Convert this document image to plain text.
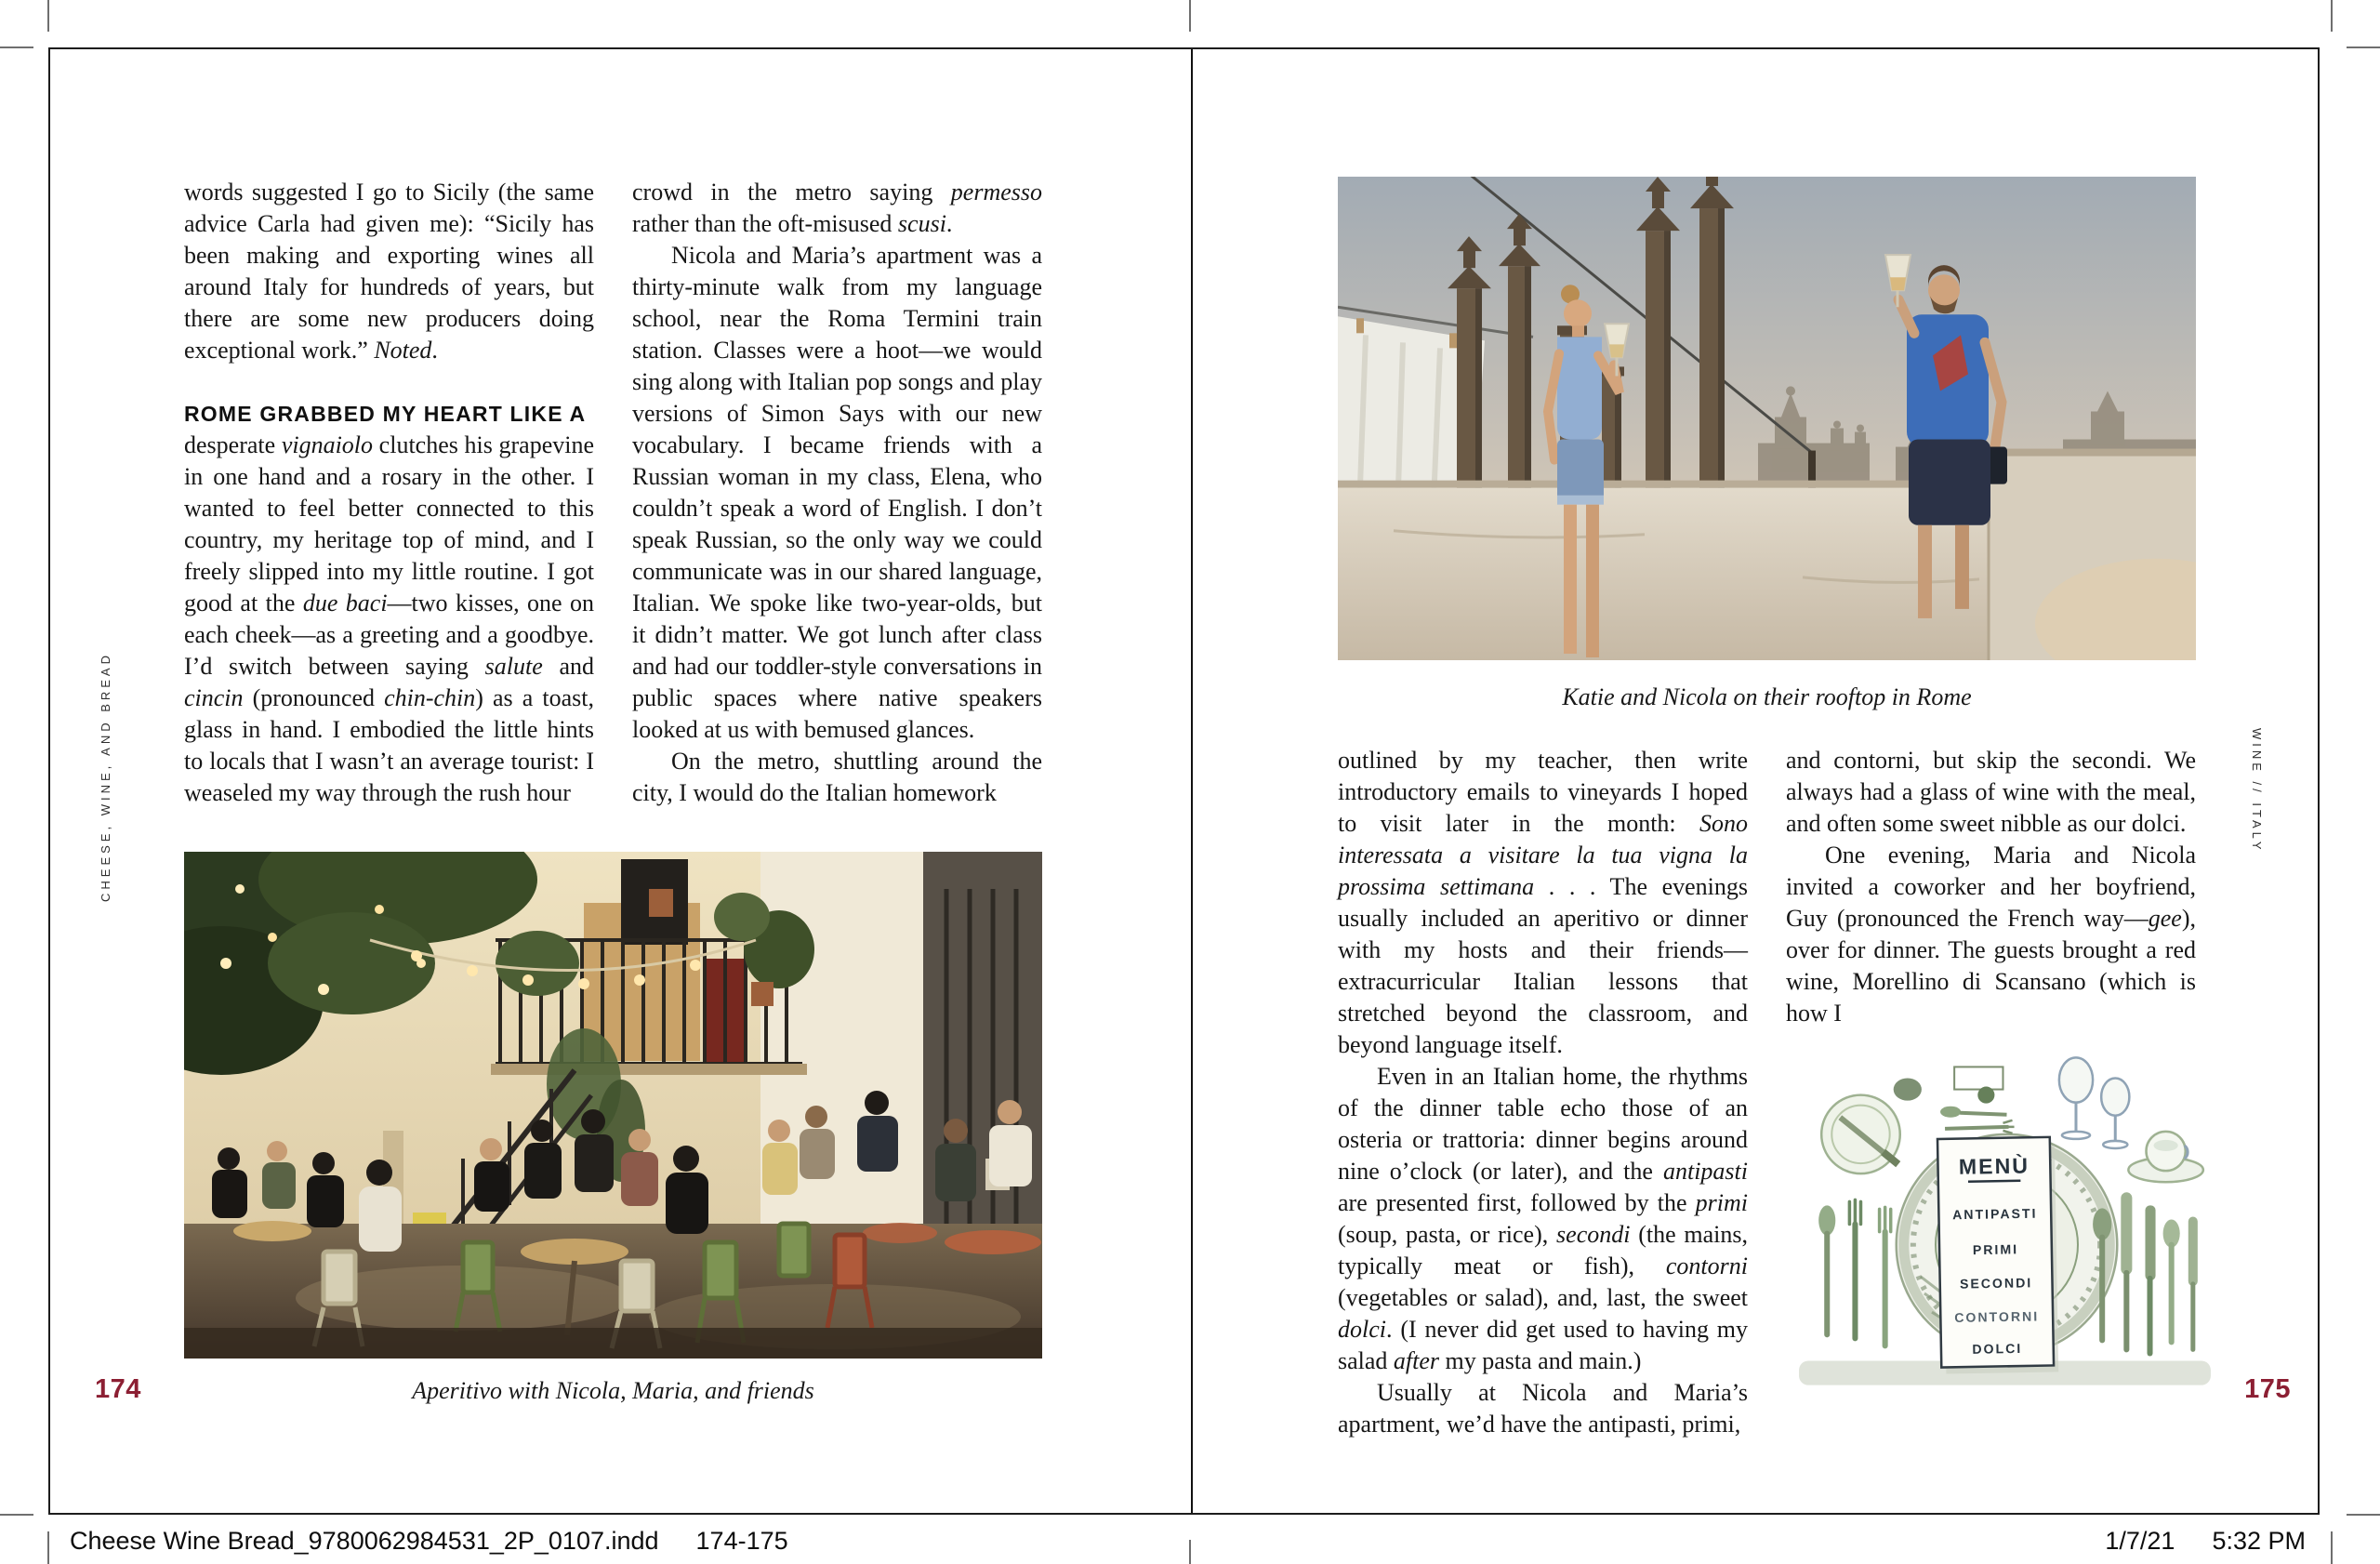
CHEESE, WINE, AND BREAD

words suggested I go to Sicily (the same advice Carla had given me): “Sicily has been making and exporting wines all around Italy for hundreds of years, but there are some new producers doing exceptional work.” Noted.

ROME GRABBED MY HEART LIKE A
desperate vignaiolo clutches his grapevine in one hand and a rosary in the other. I wanted to feel better connected to this country, my heritage top of mind, and I freely slipped into my little routine. I got good at the due baci—two kisses, one on each cheek—as a greeting and a goodbye. I’d switch between saying salute and cincin (pronounced chin-chin) as a toast, glass in hand. I embodied the little hints to locals that I wasn’t an average tourist: I weaseled my way through the rush hour

crowd in the metro saying permesso rather than the oft-misused scusi.

Nicola and Maria’s apartment was a thirty-minute walk from my language school, near the Roma Termini train station. Classes were a hoot—we would sing along with Italian pop songs and play versions of Simon Says with our new vocabulary. I became friends with a Russian woman in my class, Elena, who couldn’t speak a word of English. I don’t speak Russian, so the only way we could communicate was in our shared language, Italian. We spoke like two-year-olds, but it didn’t matter. We got lunch after class and had our toddler-style conversations in public spaces where native speakers looked at us with bemused glances.

On the metro, shuttling around the city, I would do the Italian homework

174	Aperitivo with Nicola, Maria, and friends
Katie and Nicola on their rooftop in Rome

outlined by my teacher, then write introductory emails to vineyards I hoped to visit later in the month: Sono interessata a visitare la tua vigna la prossima settimana . . . The evenings usually included an aperitivo or dinner with my hosts and their friends—extracurricular Italian lessons that stretched beyond the classroom, and beyond language itself.

Even in an Italian home, the rhythms of the dinner table echo those of an osteria or trattoria: dinner begins around nine o’clock (or later), and the antipasti are presented first, followed by the primi (soup, pasta, or rice), secondi (the mains, typically meat or fish), contorni (vegetables or salad), and, last, the sweet dolci. (I never did get used to having my salad after my pasta and main.)

Usually at Nicola and Maria’s apartment, we’d have the antipasti, primi,

and contorni, but skip the secondi. We always had a glass of wine with the meal, and often some sweet nibble as our dolci.

One evening, Maria and Nicola invited a coworker and her boyfriend, Guy (pronounced the French way—gee), over for dinner. The guests brought a red wine, Morellino di Scansano (which is how I

MENÙ
ANTIPASTI
PRIMI
SECONDI
CONTORNI
DOLCI
WINE // ITALY
175
Cheese Wine Bread_9780062984531_2P_0107.indd 174-175	1/7/21 5:32 PM
